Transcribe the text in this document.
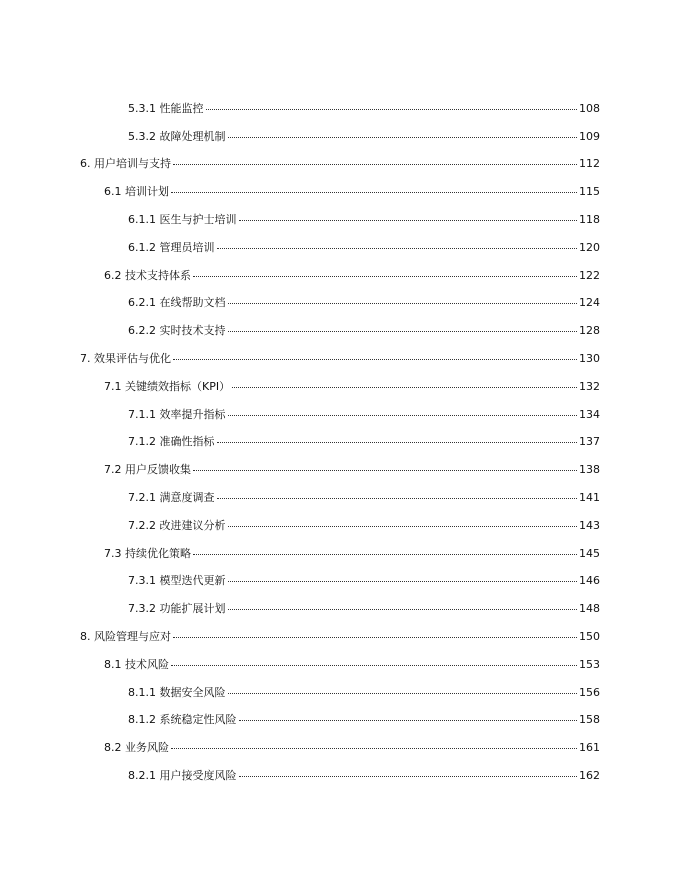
5.3.1 性能监控	108
5.3.2 故障处理机制	109
6. 用户培训与支持	112
6.1 培训计划	115
6.1.1 医生与护士培训	118
6.1.2 管理员培训	120
6.2 技术支持体系	122
6.2.1 在线帮助文档	124
6.2.2 实时技术支持	128
7. 效果评估与优化	130
7.1 关键绩效指标（KPI）	132
7.1.1 效率提升指标	134
7.1.2 准确性指标	137
7.2 用户反馈收集	138
7.2.1 满意度调查	141
7.2.2 改进建议分析	143
7.3 持续优化策略	145
7.3.1 模型迭代更新	146
7.3.2 功能扩展计划	148
8. 风险管理与应对	150
8.1 技术风险	153
8.1.1 数据安全风险	156
8.1.2 系统稳定性风险	158
8.2 业务风险	161
8.2.1 用户接受度风险	162
